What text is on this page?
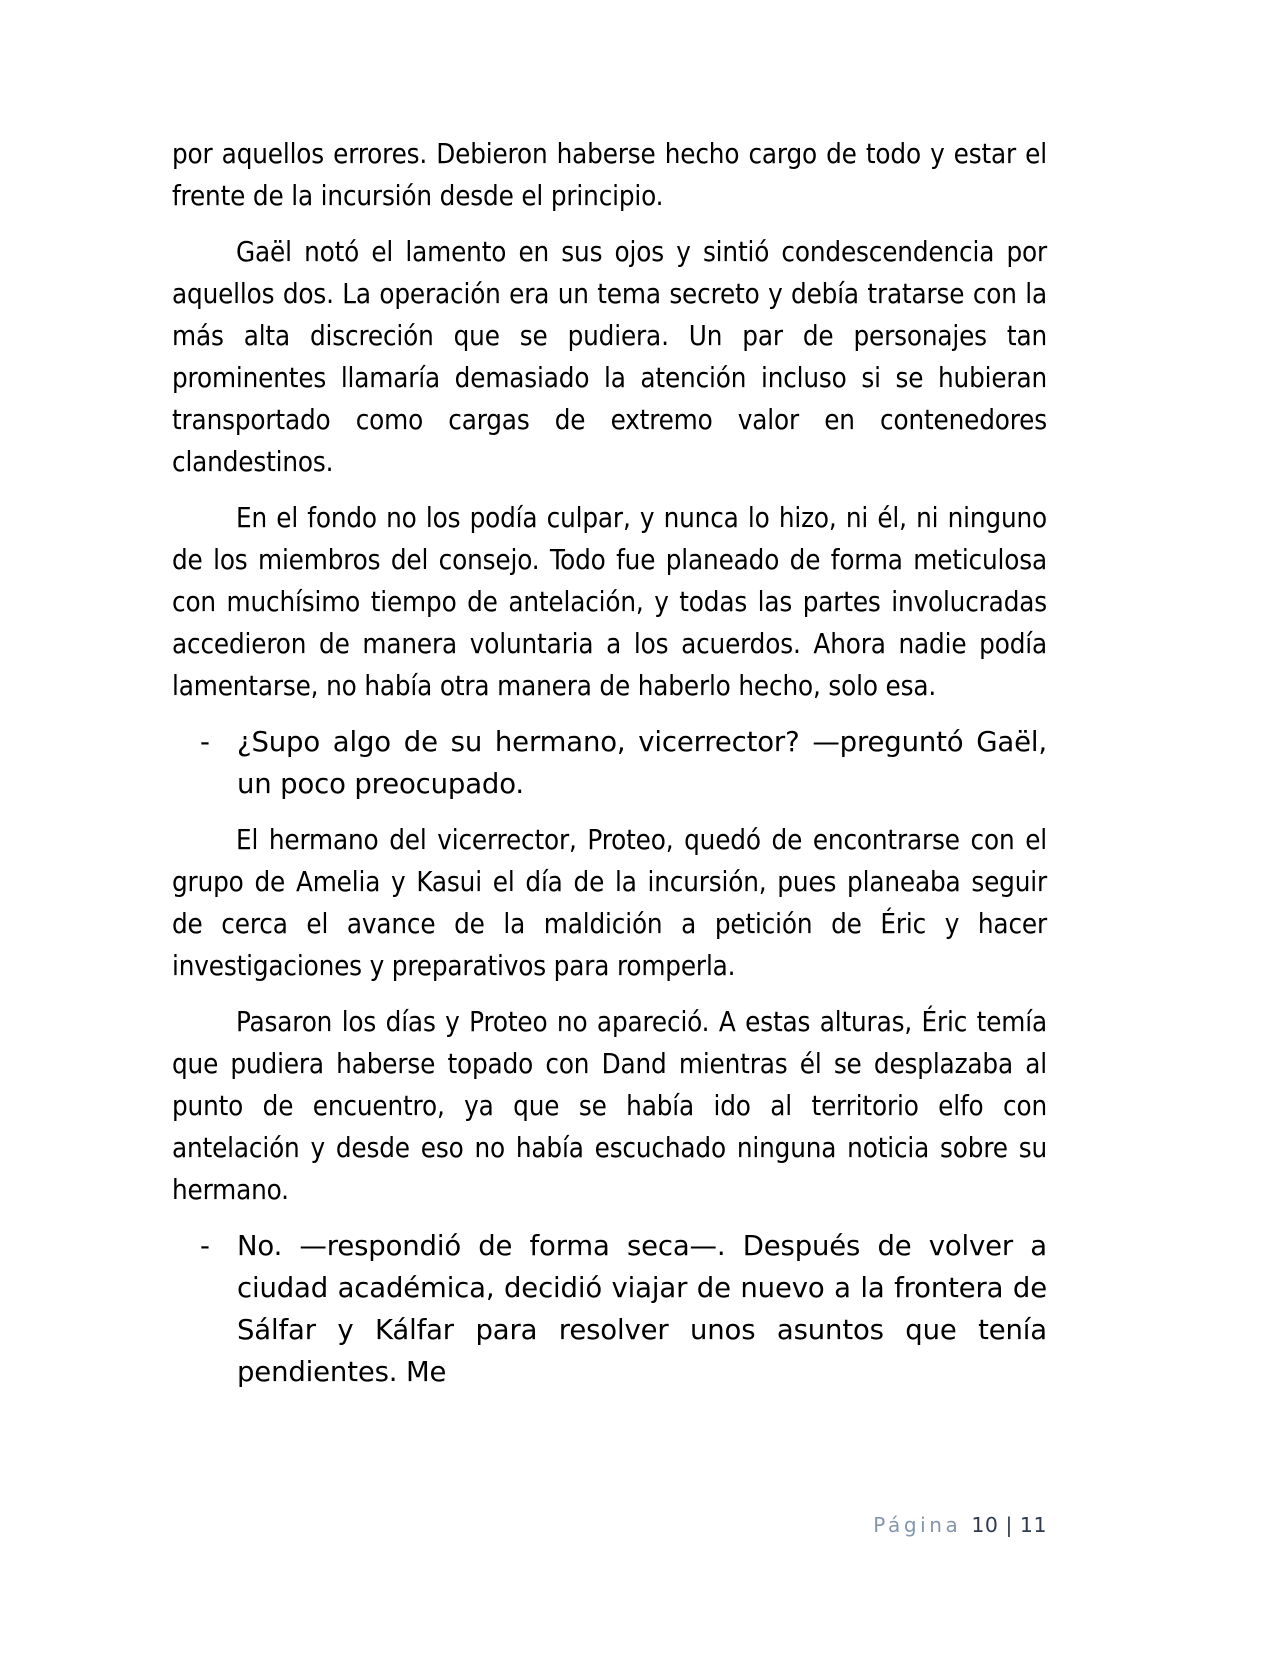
por aquellos errores. Debieron haberse hecho cargo de todo y estar el frente de la incursión desde el principio.

Gaël notó el lamento en sus ojos y sintió condescendencia por aquellos dos. La operación era un tema secreto y debía tratarse con la más alta discreción que se pudiera. Un par de personajes tan prominentes llamaría demasiado la atención incluso si se hubieran transportado como cargas de extremo valor en contenedores clandestinos.

En el fondo no los podía culpar, y nunca lo hizo, ni él, ni ninguno de los miembros del consejo. Todo fue planeado de forma meticulosa con muchísimo tiempo de antelación, y todas las partes involucradas accedieron de manera voluntaria a los acuerdos. Ahora nadie podía lamentarse, no había otra manera de haberlo hecho, solo esa.

- ¿Supo algo de su hermano, vicerrector? —preguntó Gaël, un poco preocupado.

El hermano del vicerrector, Proteo, quedó de encontrarse con el grupo de Amelia y Kasui el día de la incursión, pues planeaba seguir de cerca el avance de la maldición a petición de Éric y hacer investigaciones y preparativos para romperla.

Pasaron los días y Proteo no apareció. A estas alturas, Éric temía que pudiera haberse topado con Dand mientras él se desplazaba al punto de encuentro, ya que se había ido al territorio elfo con antelación y desde eso no había escuchado ninguna noticia sobre su hermano.

- No. —respondió de forma seca—. Después de volver a ciudad académica, decidió viajar de nuevo a la frontera de Sálfar y Kálfar para resolver unos asuntos que tenía pendientes. Me
Página 10 | 11
